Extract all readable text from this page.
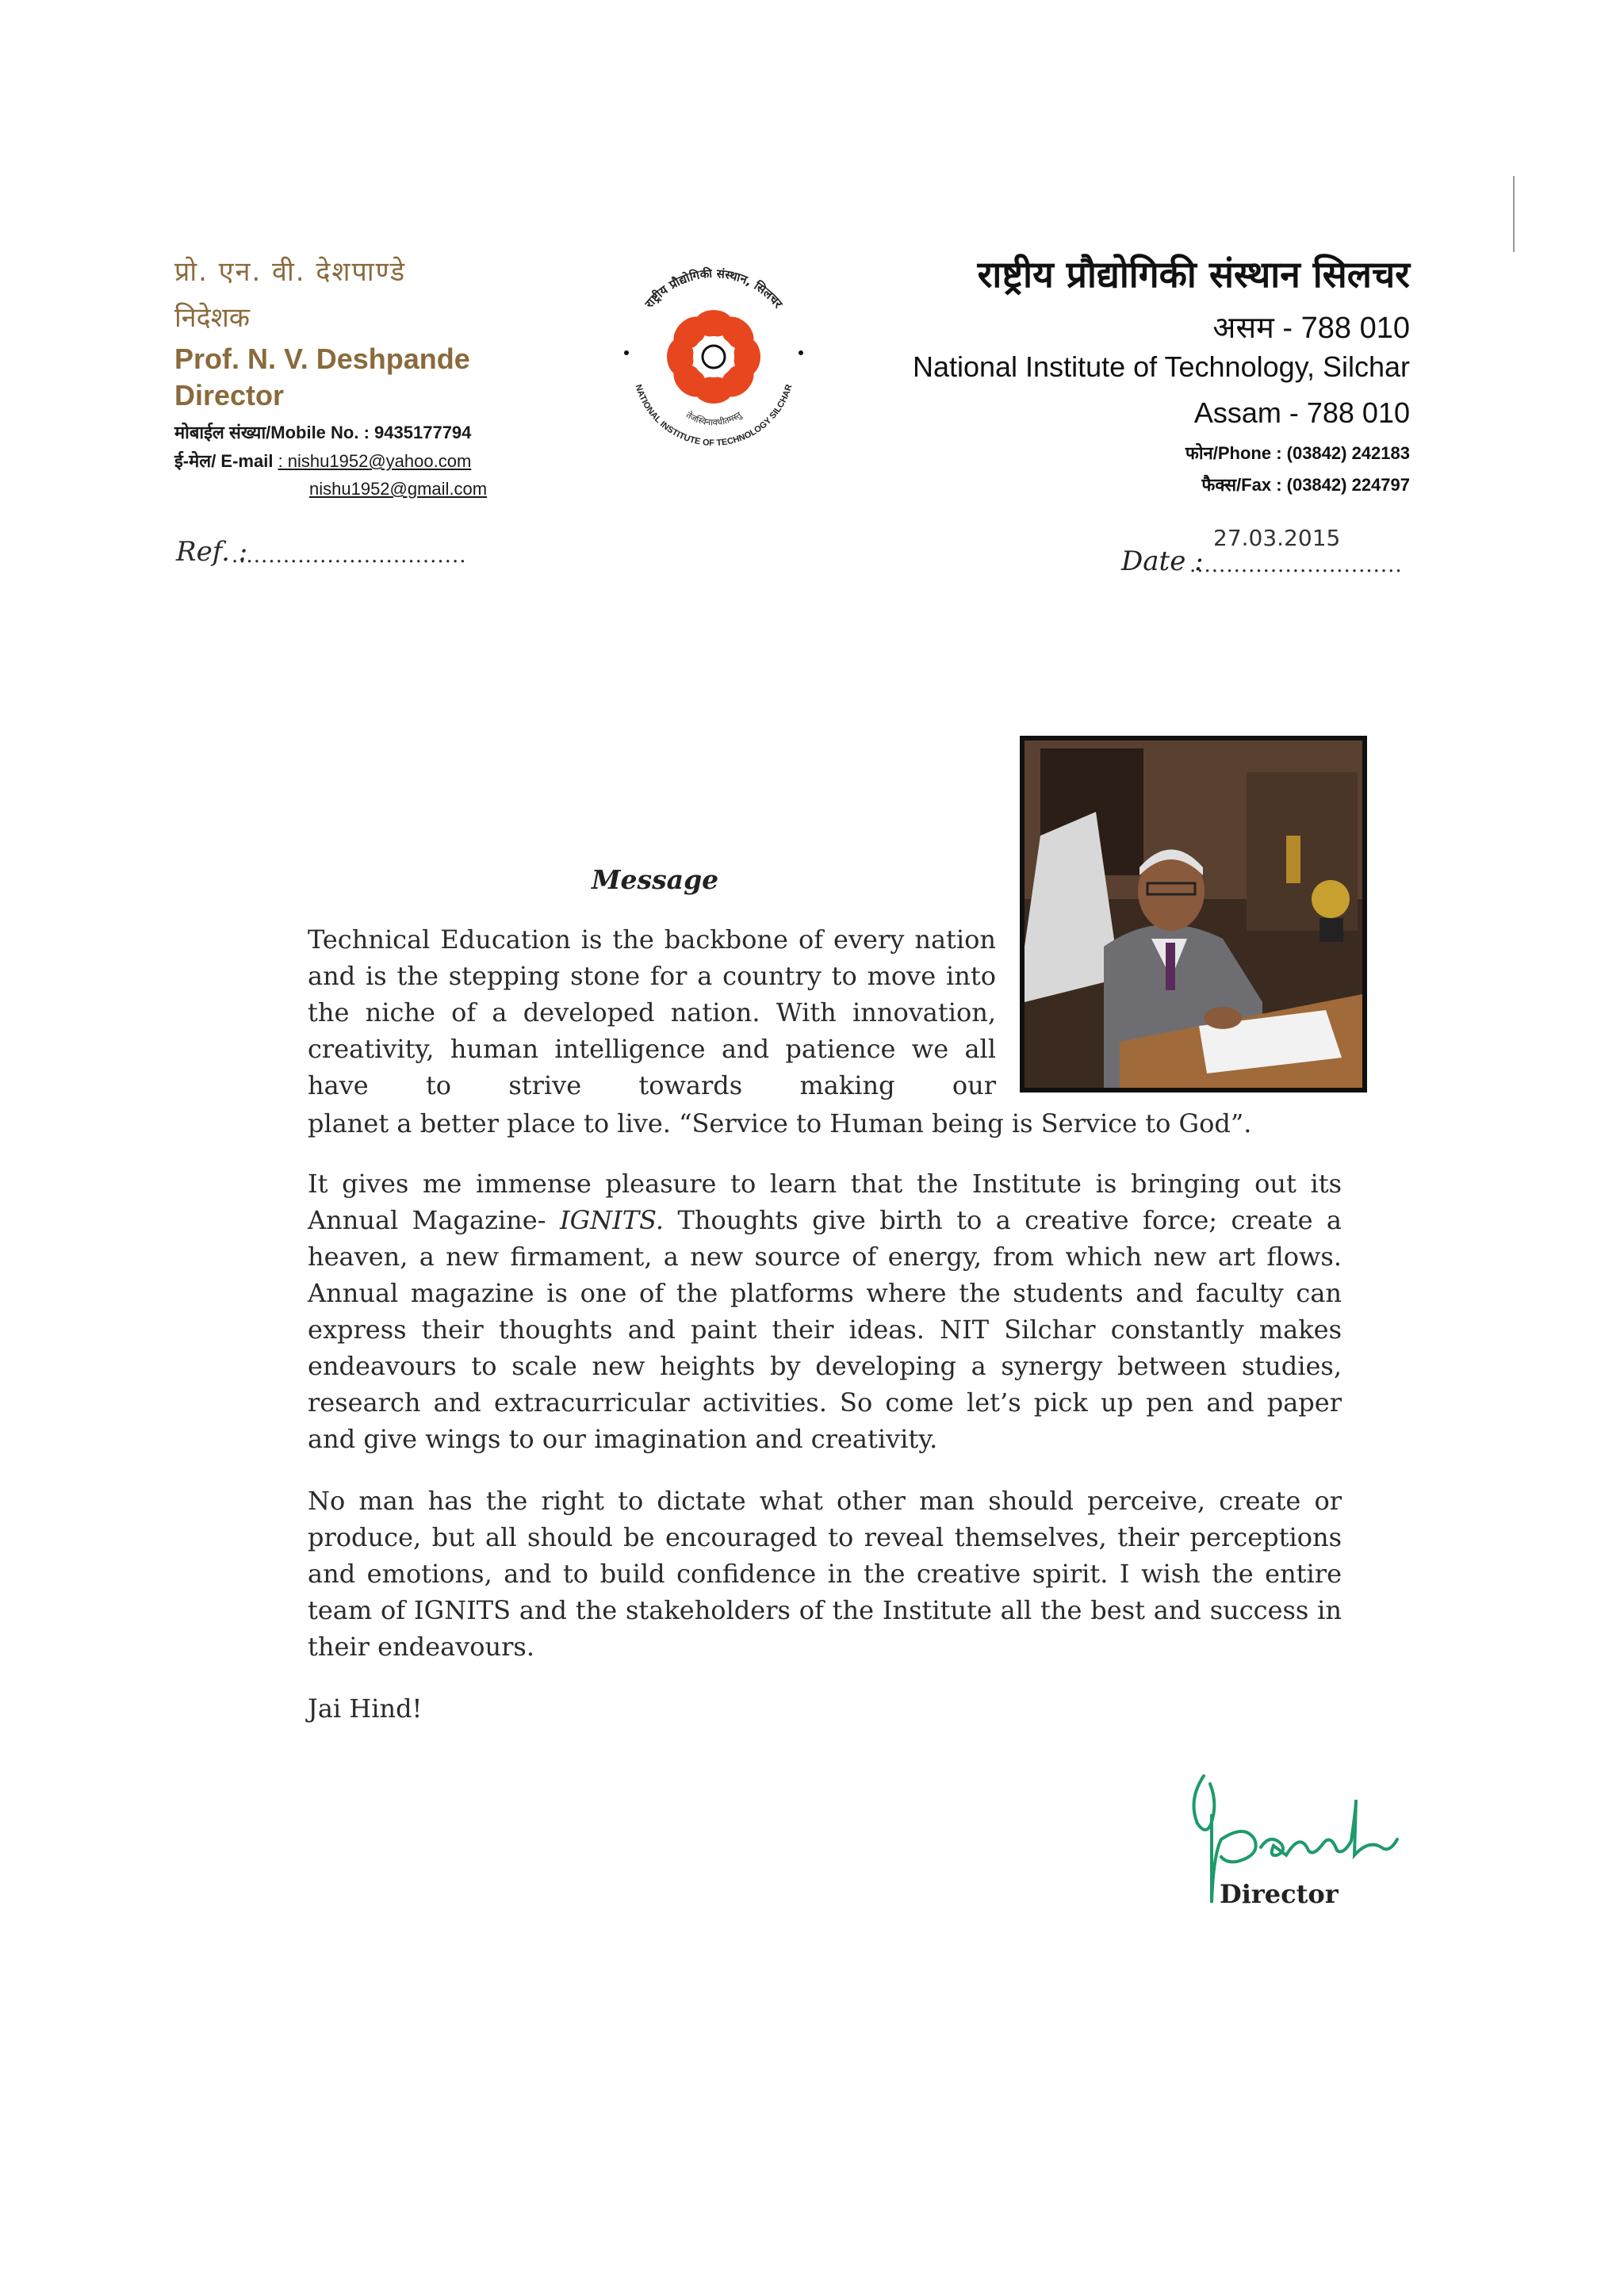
प्रो. एन. वी. देशपाण्डे
निदेशक
Prof. N. V. Deshpande
Director
मोबाईल संख्या/Mobile No. : 9435177794
ई-मेल/ E-mail : nishu1952@yahoo.com
nishu1952@gmail.com
Ref. :
................................
राष्ट्रीय प्रौद्योगिकी संस्थान, सिलचर
NATIONAL INSTITUTE OF TECHNOLOGY SILCHAR
तेजस्विनावधीतमस्तु
राष्ट्रीय प्रौद्योगिकी संस्थान सिलचर
असम - 788 010
National Institute of Technology, Silchar
Assam - 788 010
फोन/Phone : (03842) 242183
फैक्स/Fax : (03842) 224797
27.03.2015
Date :
.............................
Message
Technical Education is the backbone of every nation and is the stepping stone for a country to move into the niche of a developed nation. With innovation, creativity, human intelligence and patience we all have to strive towards making our
planet a better place to live. “Service to Human being is Service to God”.
It gives me immense pleasure to learn that the Institute is bringing out its Annual Magazine- IGNITS. Thoughts give birth to a creative force; create a heaven, a new firmament, a new source of energy, from which new art flows. Annual magazine is one of the platforms where the students and faculty can express their thoughts and paint their ideas. NIT Silchar constantly makes endeavours to scale new heights by developing a synergy between studies, research and extracurricular activities. So come let’s pick up pen and paper and give wings to our imagination and creativity.
No man has the right to dictate what other man should perceive, create or produce, but all should be encouraged to reveal themselves, their perceptions and emotions, and to build confidence in the creative spirit. I wish the entire team of IGNITS and the stakeholders of the Institute all the best and success in their endeavours.
Jai Hind!
Director
